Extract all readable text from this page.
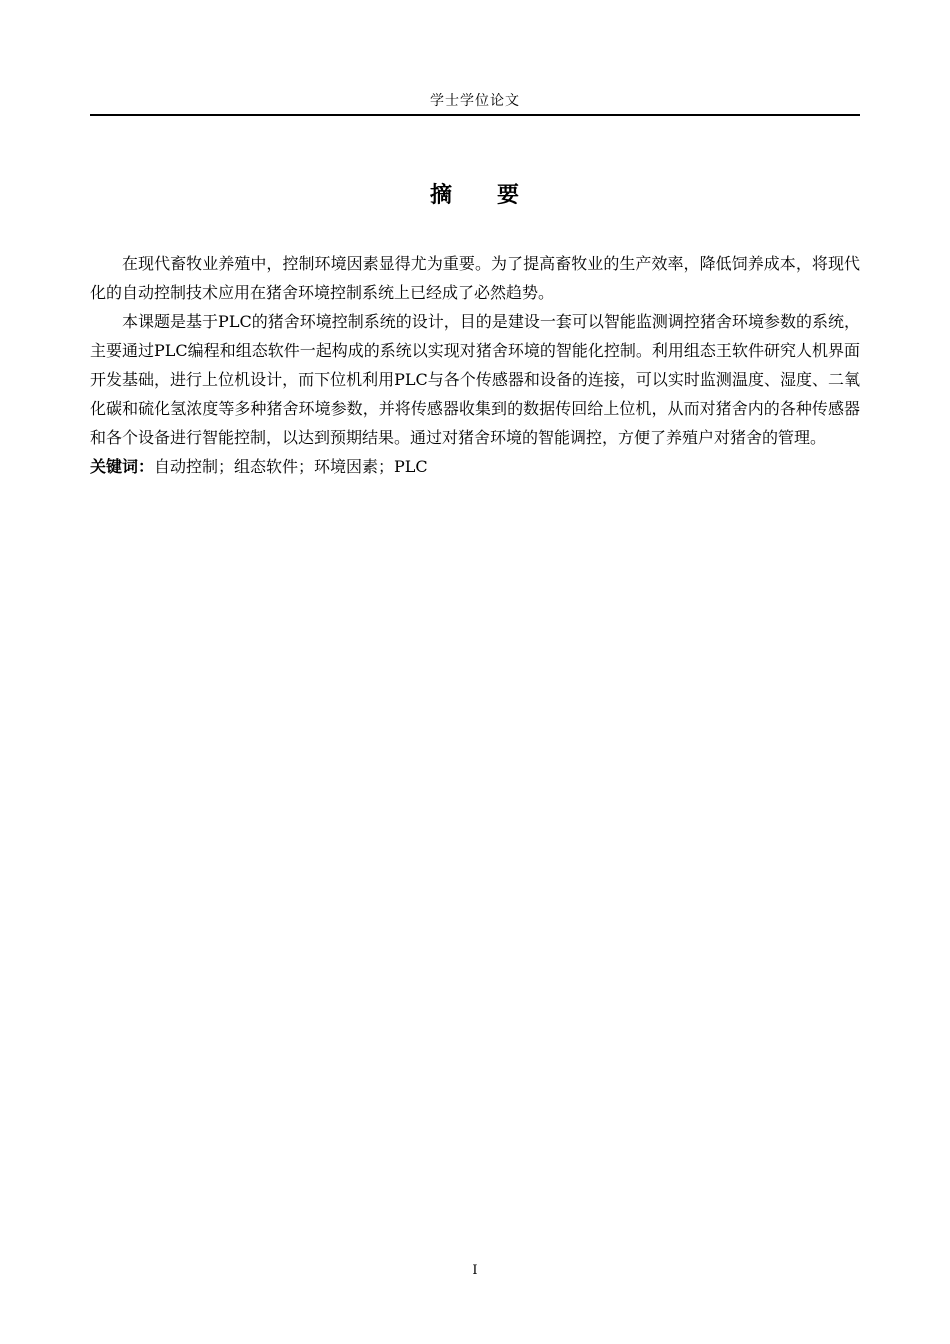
学士学位论文
摘 要

在现代畜牧业养殖中，控制环境因素显得尤为重要。为了提高畜牧业的生产效率，降低饲养成本，将现代化的自动控制技术应用在猪舍环境控制系统上已经成了必然趋势。

本课题是基于PLC的猪舍环境控制系统的设计，目的是建设一套可以智能监测调控猪舍环境参数的系统，主要通过PLC编程和组态软件一起构成的系统以实现对猪舍环境的智能化控制。利用组态王软件研究人机界面开发基础，进行上位机设计，而下位机利用PLC与各个传感器和设备的连接，可以实时监测温度、湿度、二氧化碳和硫化氢浓度等多种猪舍环境参数，并将传感器收集到的数据传回给上位机，从而对猪舍内的各种传感器和各个设备进行智能控制，以达到预期结果。通过对猪舍环境的智能调控，方便了养殖户对猪舍的管理。

关键词：自动控制；组态软件；环境因素；PLC

I
